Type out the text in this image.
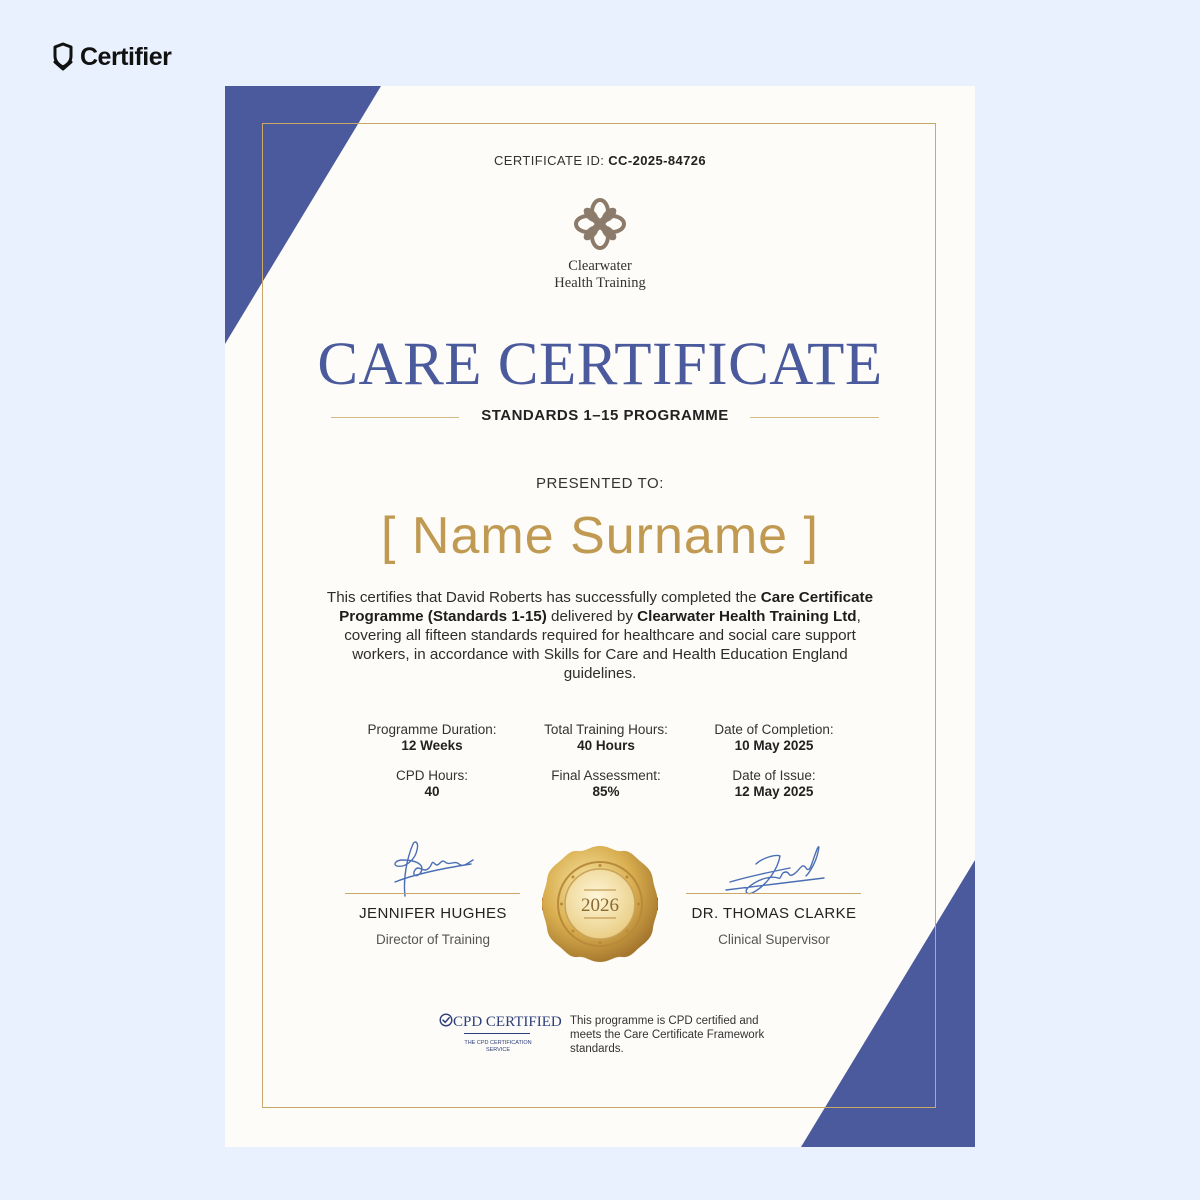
Certifier
CERTIFICATE ID: CC-2025-84726
Clearwater
Health Training
CARE CERTIFICATE
STANDARDS 1–15 PROGRAMME
PRESENTED TO:
[ Name Surname ]
This certifies that David Roberts has successfully completed the Care Certificate Programme (Standards 1-15) delivered by Clearwater Health Training Ltd, covering all fifteen standards required for healthcare and social care support workers, in accordance with Skills for Care and Health Education England guidelines.
Programme Duration:
12 Weeks
Total Training Hours:
40 Hours
Date of Completion:
10 May 2025
CPD Hours:
40
Final Assessment:
85%
Date of Issue:
12 May 2025
JENNIFER HUGHES
Director of Training
2026	DR. THOMAS CLARKE
Clinical Supervisor
CPD CERTIFIED
THE CPD CERTIFICATION SERVICE
This programme is CPD certified and meets the Care Certificate Framework standards.
